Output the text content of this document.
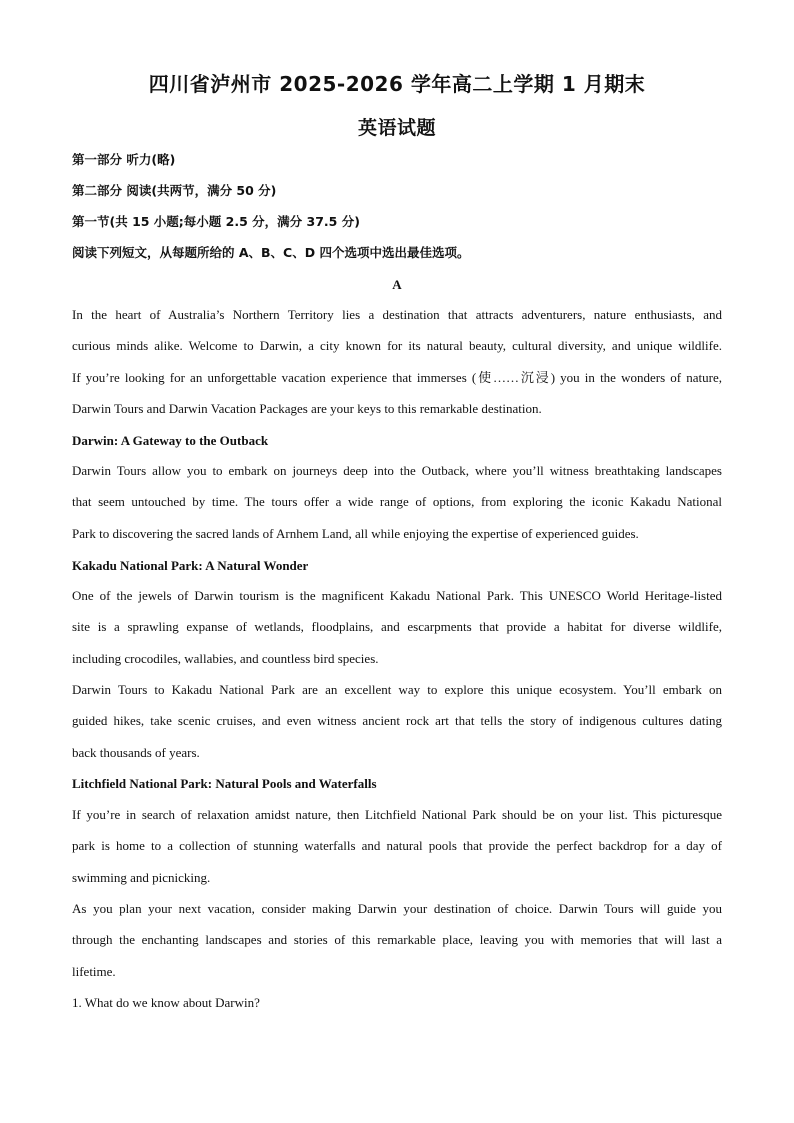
四川省泸州市 2025-2026 学年高二上学期 1 月期末
英语试题
第一部分 听力(略)
第二部分 阅读(共两节，满分 50 分)
第一节(共 15 小题;每小题 2.5 分，满分 37.5 分)
阅读下列短文，从每题所给的 A、B、C、D 四个选项中选出最佳选项。
A
In the heart of Australia’s Northern Territory lies a destination that attracts adventurers, nature enthusiasts, and
curious minds alike. Welcome to Darwin, a city known for its natural beauty, cultural diversity, and unique wildlife.
If you’re looking for an unforgettable vacation experience that immerses (使……沉浸) you in the wonders of nature,
Darwin Tours and Darwin Vacation Packages are your keys to this remarkable destination.
Darwin: A Gateway to the Outback
Darwin Tours allow you to embark on journeys deep into the Outback, where you’ll witness breathtaking landscapes
that seem untouched by time. The tours offer a wide range of options, from exploring the iconic Kakadu National
Park to discovering the sacred lands of Arnhem Land, all while enjoying the expertise of experienced guides.
Kakadu National Park: A Natural Wonder
One of the jewels of Darwin tourism is the magnificent Kakadu National Park. This UNESCO World Heritage-listed
site is a sprawling expanse of wetlands, floodplains, and escarpments that provide a habitat for diverse wildlife,
including crocodiles, wallabies, and countless bird species.
Darwin Tours to Kakadu National Park are an excellent way to explore this unique ecosystem. You’ll embark on
guided hikes, take scenic cruises, and even witness ancient rock art that tells the story of indigenous cultures dating
back thousands of years.
Litchfield National Park: Natural Pools and Waterfalls
If you’re in search of relaxation amidst nature, then Litchfield National Park should be on your list. This picturesque
park is home to a collection of stunning waterfalls and natural pools that provide the perfect backdrop for a day of
swimming and picnicking.
As you plan your next vacation, consider making Darwin your destination of choice. Darwin Tours will guide you
through the enchanting landscapes and stories of this remarkable place, leaving you with memories that will last a
lifetime.
1. What do we know about Darwin?
